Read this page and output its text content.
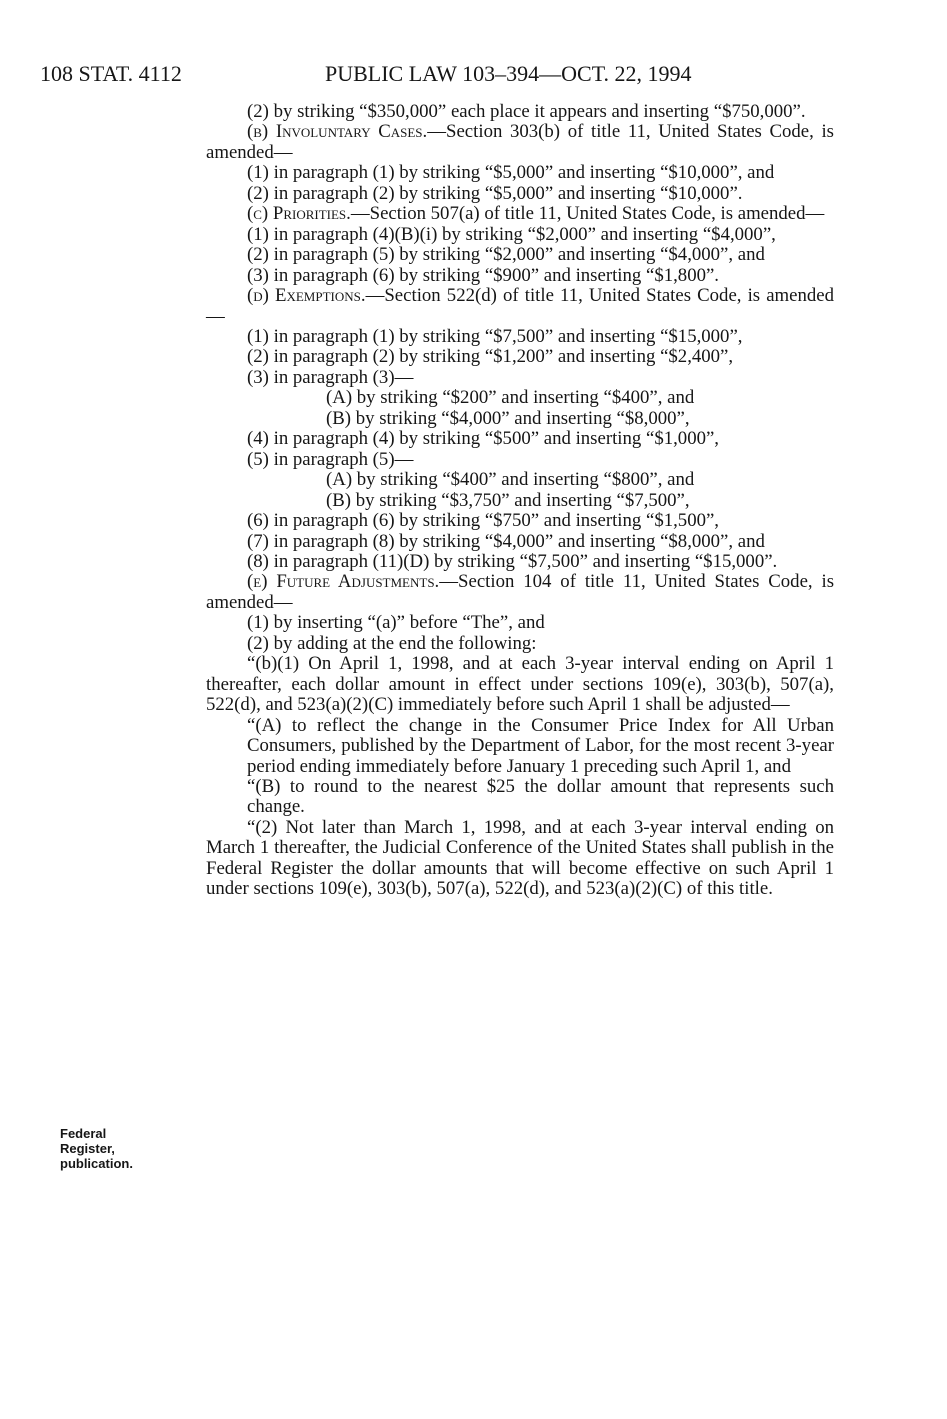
108 STAT. 4112	PUBLIC LAW 103–394—OCT. 22, 1994
Federal
Register,
publication.

(2) by striking “$350,000” each place it appears and inserting “$750,000”.

(b) Involuntary Cases.—Section 303(b) of title 11, United States Code, is amended—

(1) in paragraph (1) by striking “$5,000” and inserting “$10,000”, and

(2) in paragraph (2) by striking “$5,000” and inserting “$10,000”.

(c) Priorities.—Section 507(a) of title 11, United States Code, is amended—

(1) in paragraph (4)(B)(i) by striking “$2,000” and inserting “$4,000”,

(2) in paragraph (5) by striking “$2,000” and inserting “$4,000”, and

(3) in paragraph (6) by striking “$900” and inserting “$1,800”.

(d) Exemptions.—Section 522(d) of title 11, United States Code, is amended—

(1) in paragraph (1) by striking “$7,500” and inserting “$15,000”,

(2) in paragraph (2) by striking “$1,200” and inserting “$2,400”,

(3) in paragraph (3)—

(A) by striking “$200” and inserting “$400”, and

(B) by striking “$4,000” and inserting “$8,000”,

(4) in paragraph (4) by striking “$500” and inserting “$1,000”,

(5) in paragraph (5)—

(A) by striking “$400” and inserting “$800”, and

(B) by striking “$3,750” and inserting “$7,500”,

(6) in paragraph (6) by striking “$750” and inserting “$1,500”,

(7) in paragraph (8) by striking “$4,000” and inserting “$8,000”, and

(8) in paragraph (11)(D) by striking “$7,500” and inserting “$15,000”.

(e) Future Adjustments.—Section 104 of title 11, United States Code, is amended—

(1) by inserting “(a)” before “The”, and

(2) by adding at the end the following:

“(b)(1) On April 1, 1998, and at each 3-year interval ending on April 1 thereafter, each dollar amount in effect under sections 109(e), 303(b), 507(a), 522(d), and 523(a)(2)(C) immediately before such April 1 shall be adjusted—

“(A) to reflect the change in the Consumer Price Index for All Urban Consumers, published by the Department of Labor, for the most recent 3-year period ending immediately before January 1 preceding such April 1, and

“(B) to round to the nearest $25 the dollar amount that represents such change.

“(2) Not later than March 1, 1998, and at each 3-year interval ending on March 1 thereafter, the Judicial Conference of the United States shall publish in the Federal Register the dollar amounts that will become effective on such April 1 under sections 109(e), 303(b), 507(a), 522(d), and 523(a)(2)(C) of this title.
